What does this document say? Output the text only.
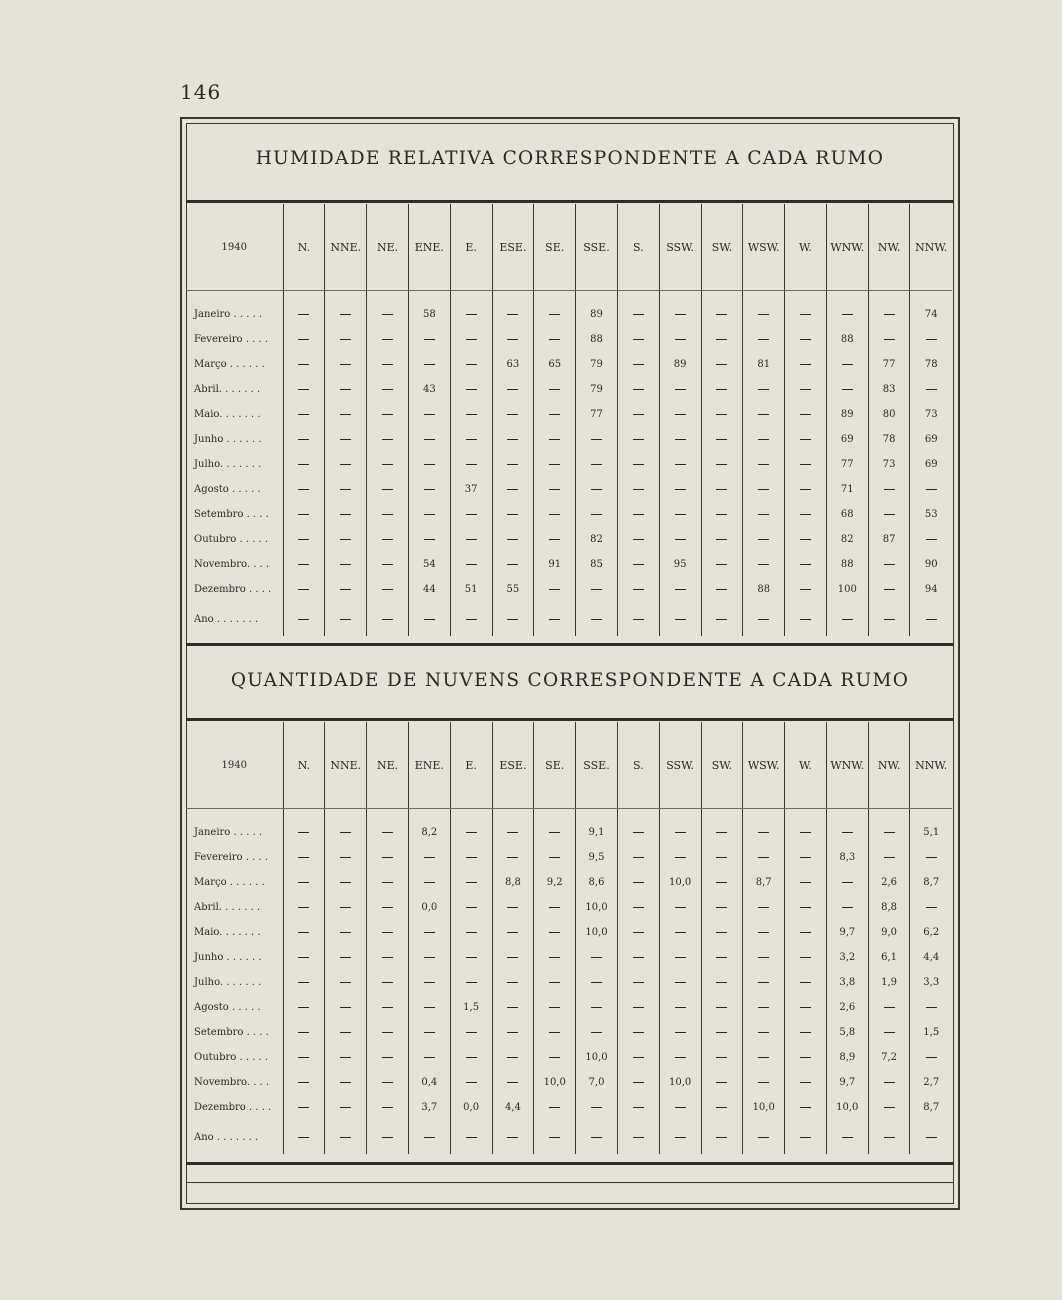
146
HUMIDADE RELATIVA CORRESPONDENTE A CADA RUMO
1940	N.	NNE.	NE.	ENE.	E.	ESE.	SE.	SSE.	S.	SSW.	SW.	WSW.	W.	WNW.	NW.	NNW.

Janeiro . . . . .				58				89								74
Fevereiro . . . .								88						88		
Março . . . . . .						63	65	79		89		81			77	78
Abril. . . . . . .				43				79							83	
Maio. . . . . . .								77						89	80	73
Junho . . . . . .														69	78	69
Julho. . . . . . .														77	73	69
Agosto . . . . .					37									71		
Setembro . . . .														68		53
Outubro . . . . .								82						82	87	
Novembro. . . .				54			91	85		95				88		90
Dezembro . . . .				44	51	55						88		100		94
Ano . . . . . . .																
QUANTIDADE DE NUVENS CORRESPONDENTE A CADA RUMO
1940	N.	NNE.	NE.	ENE.	E.	ESE.	SE.	SSE.	S.	SSW.	SW.	WSW.	W.	WNW.	NW.	NNW.

Janeiro . . . . .				8,2				9,1								5,1
Fevereiro . . . .								9,5						8,3		
Março . . . . . .						8,8	9,2	8,6		10,0		8,7			2,6	8,7
Abril. . . . . . .				0,0				10,0							8,8	
Maio. . . . . . .								10,0						9,7	9,0	6,2
Junho . . . . . .														3,2	6,1	4,4
Julho. . . . . . .														3,8	1,9	3,3
Agosto . . . . .					1,5									2,6		
Setembro . . . .														5,8		1,5
Outubro . . . . .								10,0						8,9	7,2	
Novembro. . . .				0,4			10,0	7,0		10,0				9,7		2,7
Dezembro . . . .				3,7	0,0	4,4						10,0		10,0		8,7
Ano . . . . . . .																
